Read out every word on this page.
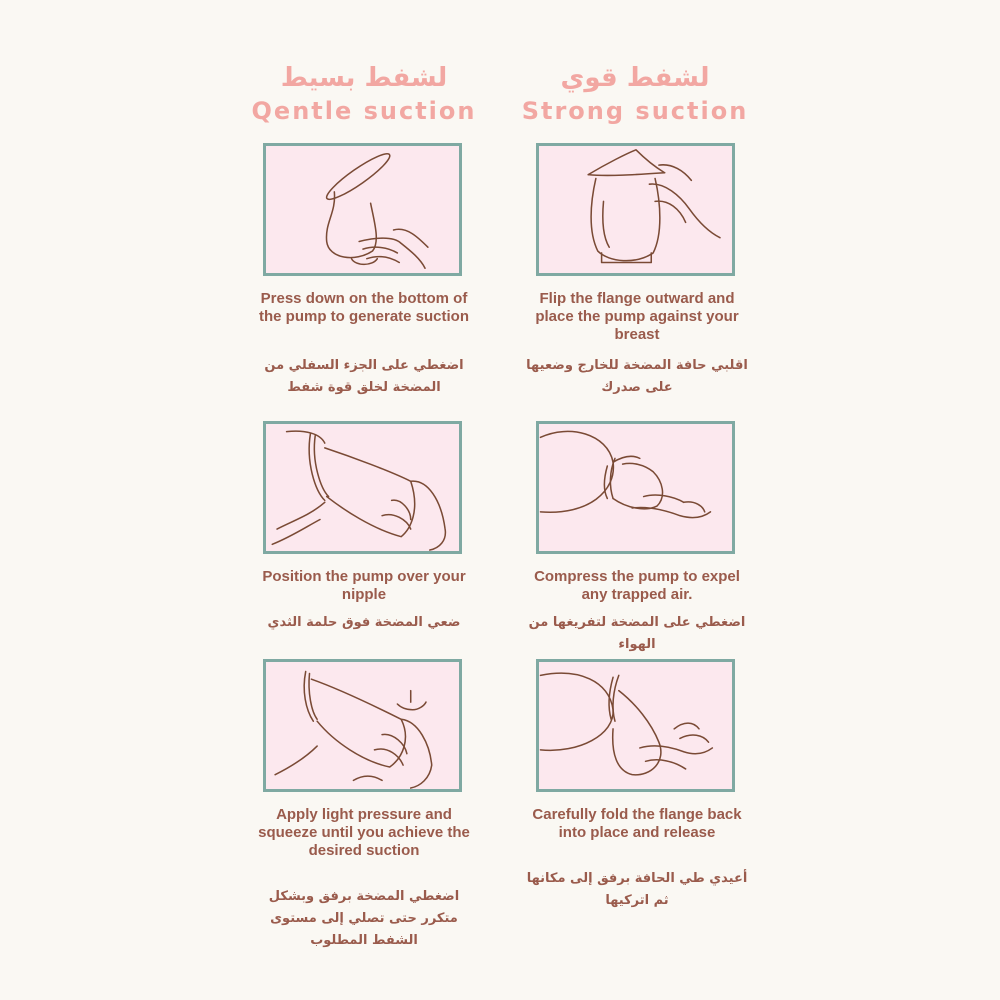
لشفط بسيط
Qentle suction
لشفط قوي
Strong suction
Press down on the bottom of the pump to generate suction
اضغطي على الجزء السفلي من المضخة لخلق قوة شفط
Position the pump over your nipple
ضعي المضخة فوق حلمة الثدي
Apply light pressure and squeeze until you achieve the desired suction
اضغطي المضخة برفق وبشكل متكرر حتى تصلي إلى مستوى الشفط المطلوب
Flip the flange outward and place the pump against your breast
اقلبي حافة المضخة للخارج وضعيها على صدرك
Compress the pump to expel any trapped air.
اضغطي على المضخة لتفريغها من الهواء
Carefully fold the flange back into place and release
أعيدي طي الحافة برفق إلى مكانها ثم اتركيها
